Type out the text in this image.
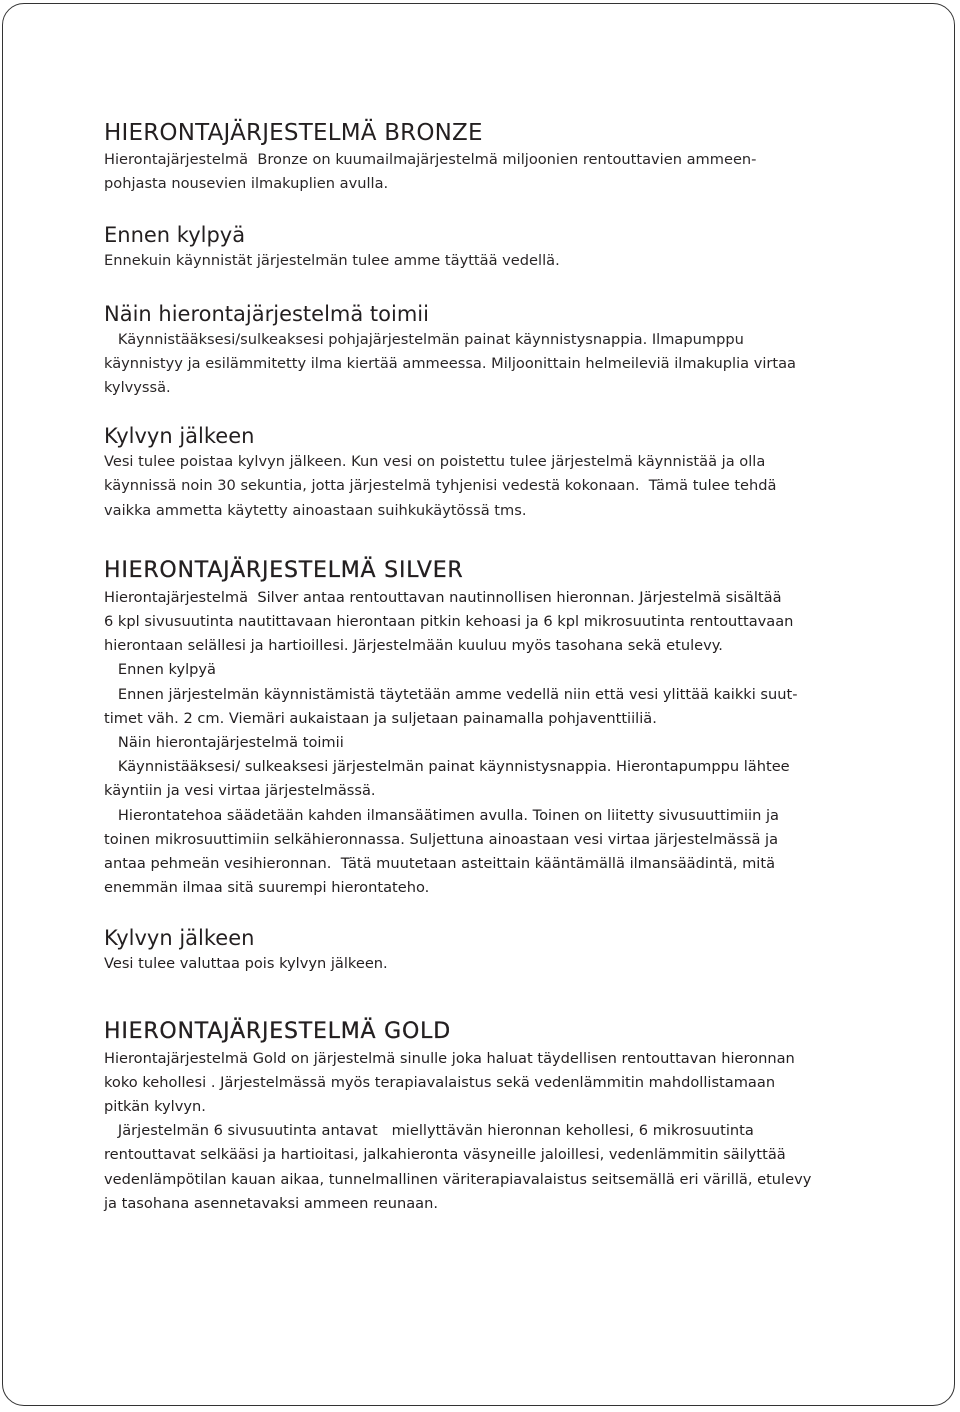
HIERONTAJÄRJESTELMÄ BRONZE

Hierontajärjestelmä  Bronze on kuumailmajärjestelmä miljoonien rentouttavien ammeen-

pohjasta nousevien ilmakuplien avulla.

Ennen kylpyä

Ennekuin käynnistät järjestelmän tulee amme täyttää vedellä.

Näin hierontajärjestelmä toimii

Käynnistääksesi/sulkeaksesi pohjajärjestelmän painat käynnistysnappia. Ilmapumppu

käynnistyy ja esilämmitetty ilma kiertää ammeessa. Miljoonittain helmeileviä ilmakuplia virtaa

kylvyssä.

Kylvyn jälkeen

Vesi tulee poistaa kylvyn jälkeen. Kun vesi on poistettu tulee järjestelmä käynnistää ja olla

käynnissä noin 30 sekuntia, jotta järjestelmä tyhjenisi vedestä kokonaan.  Tämä tulee tehdä

vaikka ammetta käytetty ainoastaan suihkukäytössä tms.

HIERONTAJÄRJESTELMÄ SILVER

Hierontajärjestelmä  Silver antaa rentouttavan nautinnollisen hieronnan. Järjestelmä sisältää

6 kpl sivusuutinta nautittavaan hierontaan pitkin kehoasi ja 6 kpl mikrosuutinta rentouttavaan

hierontaan selällesi ja hartioillesi. Järjestelmään kuuluu myös tasohana sekä etulevy.

Ennen kylpyä

Ennen järjestelmän käynnistämistä täytetään amme vedellä niin että vesi ylittää kaikki suut-

timet väh. 2 cm. Viemäri aukaistaan ja suljetaan painamalla pohjaventtiiliä.

Näin hierontajärjestelmä toimii

Käynnistääksesi/ sulkeaksesi järjestelmän painat käynnistysnappia. Hierontapumppu lähtee

käyntiin ja vesi virtaa järjestelmässä.

Hierontatehoa säädetään kahden ilmansäätimen avulla. Toinen on liitetty sivusuuttimiin ja

toinen mikrosuuttimiin selkähieronnassa. Suljettuna ainoastaan vesi virtaa järjestelmässä ja

antaa pehmeän vesihieronnan.  Tätä muutetaan asteittain kääntämällä ilmansäädintä, mitä

enemmän ilmaa sitä suurempi hierontateho.

Kylvyn jälkeen

Vesi tulee valuttaa pois kylvyn jälkeen.

HIERONTAJÄRJESTELMÄ GOLD

Hierontajärjestelmä Gold on järjestelmä sinulle joka haluat täydellisen rentouttavan hieronnan

koko kehollesi . Järjestelmässä myös terapiavalaistus sekä vedenlämmitin mahdollistamaan

pitkän kylvyn.

Järjestelmän 6 sivusuutinta antavat   miellyttävän hieronnan kehollesi, 6 mikrosuutinta

rentouttavat selkääsi ja hartioitasi, jalkahieronta väsyneille jaloillesi, vedenlämmitin säilyttää

vedenlämpötilan kauan aikaa, tunnelmallinen väriterapiavalaistus seitsemällä eri värillä, etulevy

ja tasohana asennetavaksi ammeen reunaan.
